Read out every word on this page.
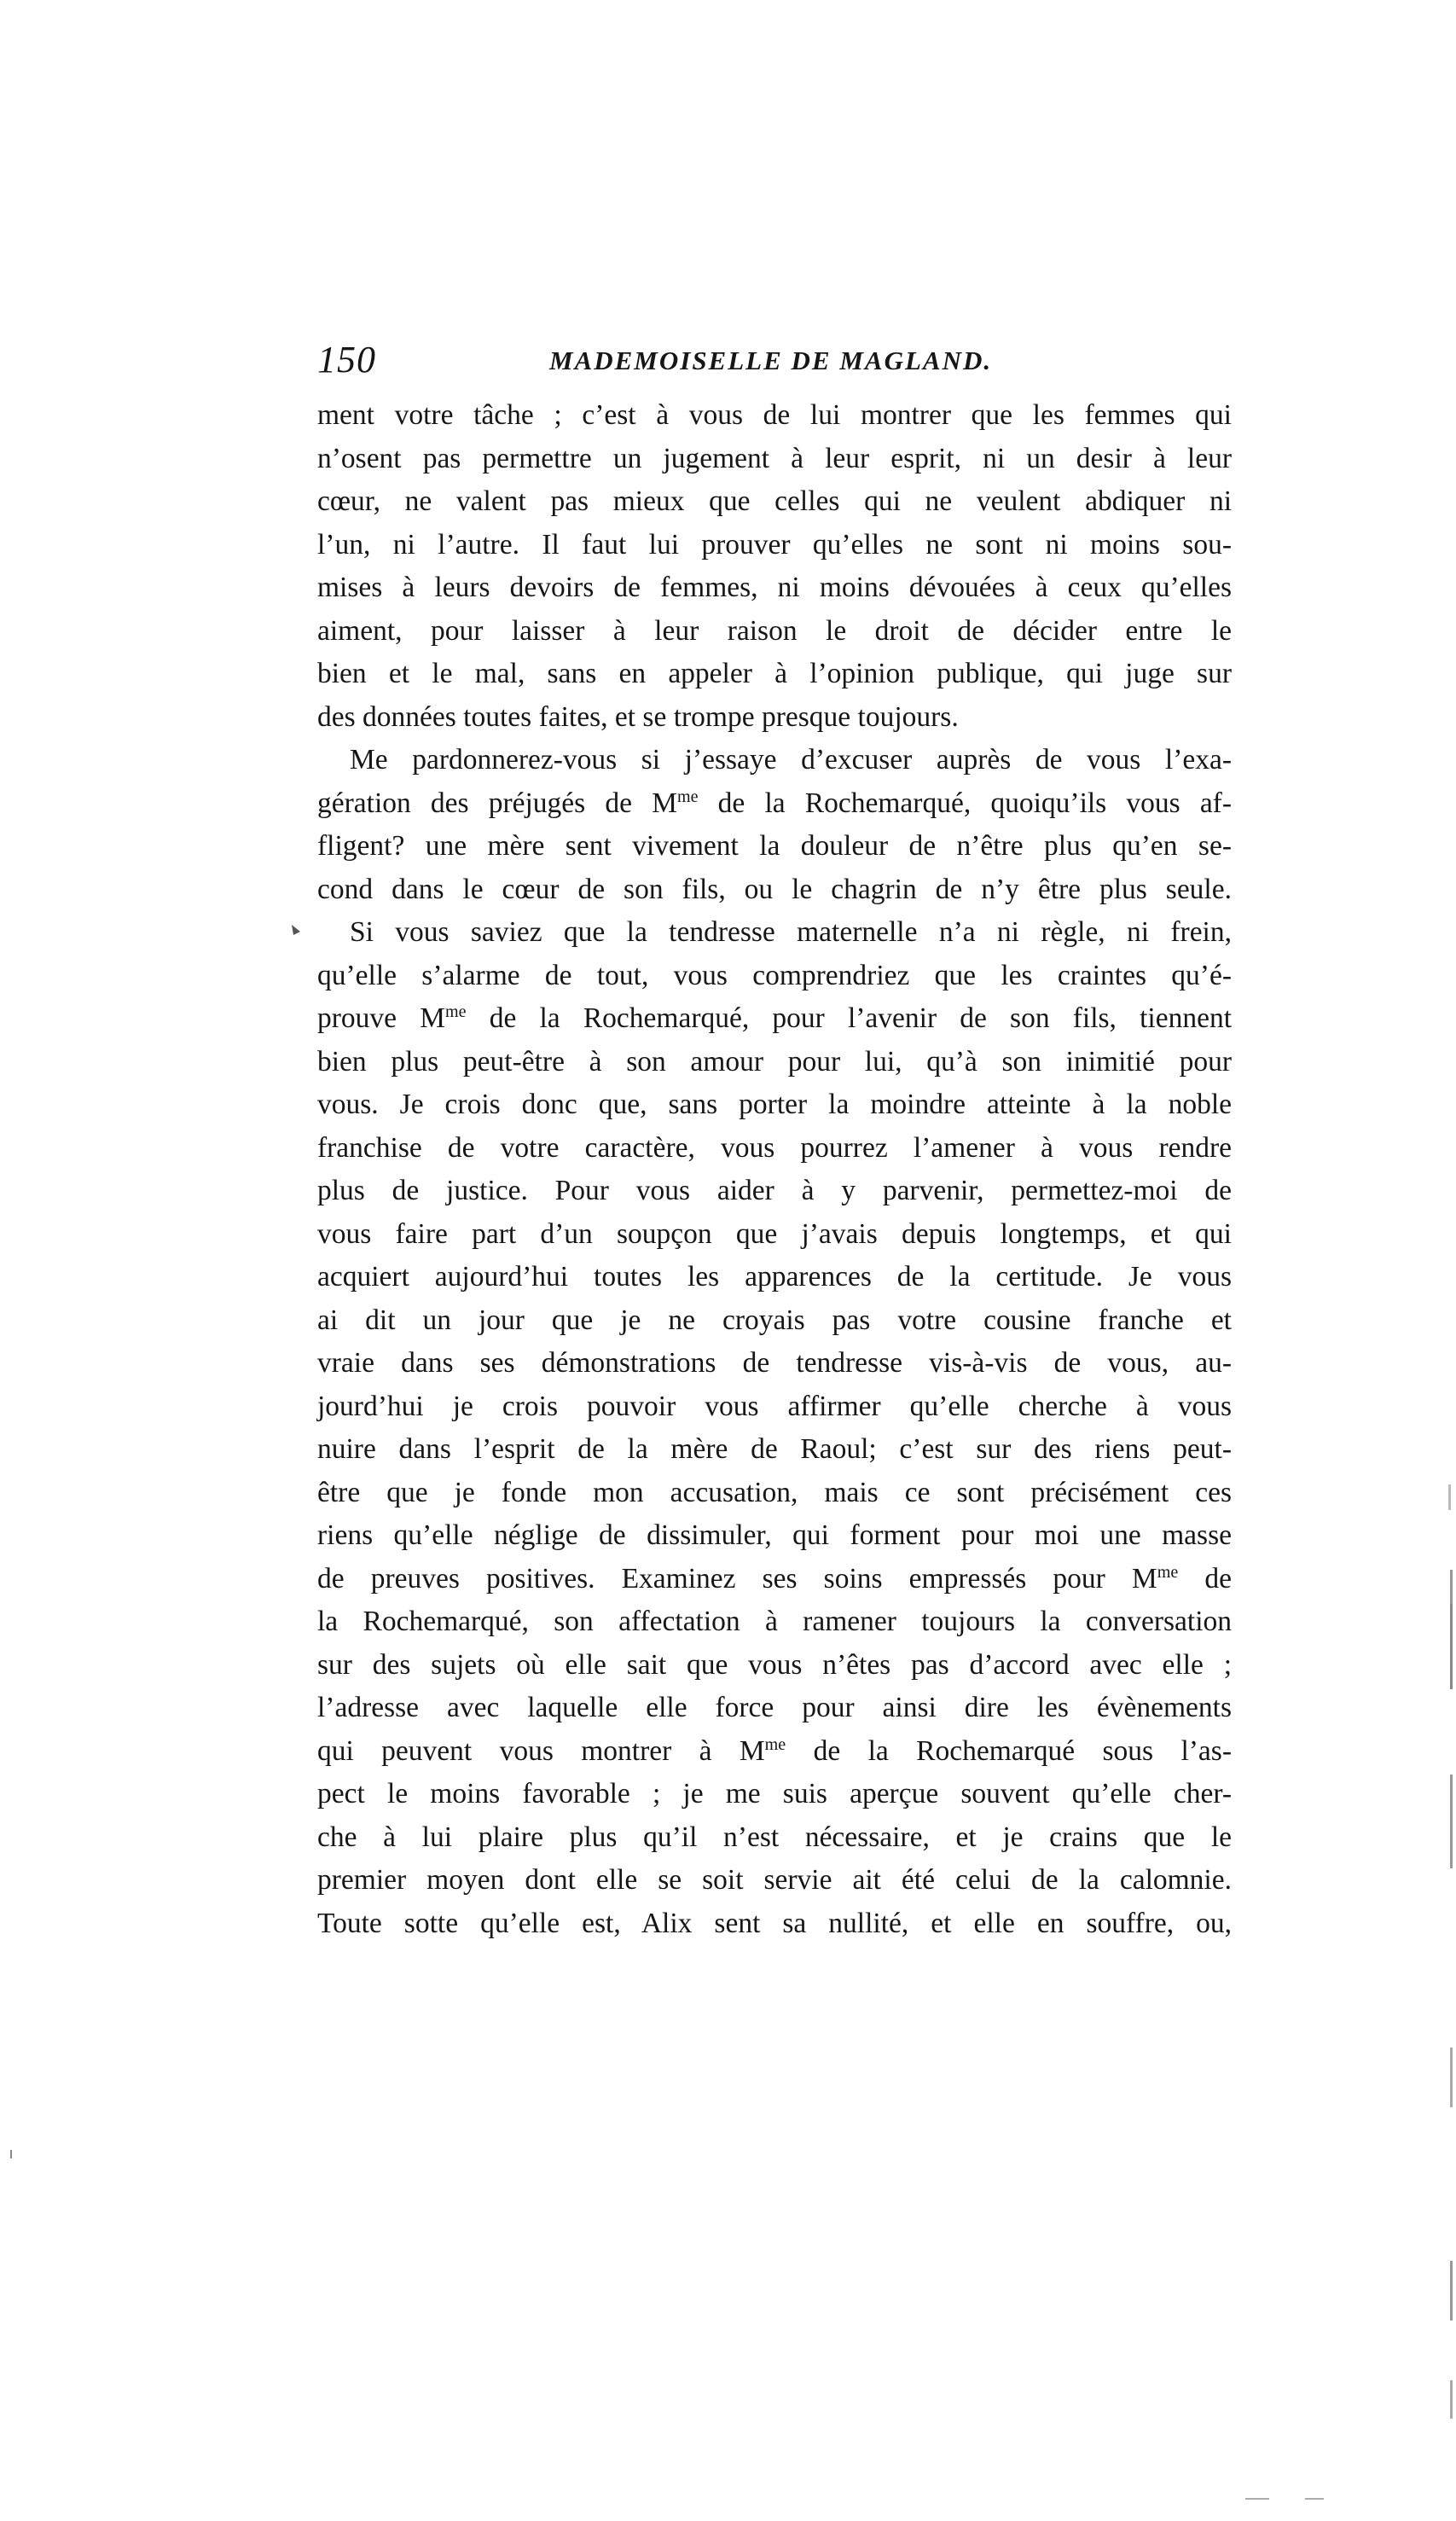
150	MADEMOISELLE DE MAGLAND.
ment votre tâche ; c’est à vous de lui montrer que les femmes qui
n’osent pas permettre un jugement à leur esprit, ni un desir à leur
cœur, ne valent pas mieux que celles qui ne veulent abdiquer ni
l’un, ni l’autre. Il faut lui prouver qu’elles ne sont ni moins sou-
mises à leurs devoirs de femmes, ni moins dévouées à ceux qu’elles
aiment, pour laisser à leur raison le droit de décider entre le
bien et le mal, sans en appeler à l’opinion publique, qui juge sur
des données toutes faites, et se trompe presque toujours.
Me pardonnerez-vous si j’essaye d’excuser auprès de vous l’exa-
gération des préjugés de $M^{me}$ de la Rochemarqué, quoiqu’ils vous af-
fligent? une mère sent vivement la douleur de n’être plus qu’en se-
cond dans le cœur de son fils, ou le chagrin de n’y être plus seule.
Si vous saviez que la tendresse maternelle n’a ni règle, ni frein,
qu’elle s’alarme de tout, vous comprendriez que les craintes qu’é-
prouve $M^{me}$ de la Rochemarqué, pour l’avenir de son fils, tiennent
bien plus peut-être à son amour pour lui, qu’à son inimitié pour
vous. Je crois donc que, sans porter la moindre atteinte à la noble
franchise de votre caractère, vous pourrez l’amener à vous rendre
plus de justice. Pour vous aider à y parvenir, permettez-moi de
vous faire part d’un soupçon que j’avais depuis longtemps, et qui
acquiert aujourd’hui toutes les apparences de la certitude. Je vous
ai dit un jour que je ne croyais pas votre cousine franche et
vraie dans ses démonstrations de tendresse vis-à-vis de vous, au-
jourd’hui je crois pouvoir vous affirmer qu’elle cherche à vous
nuire dans l’esprit de la mère de Raoul; c’est sur des riens peut-
être que je fonde mon accusation, mais ce sont précisément ces
riens qu’elle néglige de dissimuler, qui forment pour moi une masse
de preuves positives. Examinez ses soins empressés pour $M^{me}$ de
la Rochemarqué, son affectation à ramener toujours la conversation
sur des sujets où elle sait que vous n’êtes pas d’accord avec elle ;
l’adresse avec laquelle elle force pour ainsi dire les évènements
qui peuvent vous montrer à $M^{me}$ de la Rochemarqué sous l’as-
pect le moins favorable ; je me suis aperçue souvent qu’elle cher-
che à lui plaire plus qu’il n’est nécessaire, et je crains que le
premier moyen dont elle se soit servie ait été celui de la calomnie.
Toute sotte qu’elle est, Alix sent sa nullité, et elle en souffre, ou,
